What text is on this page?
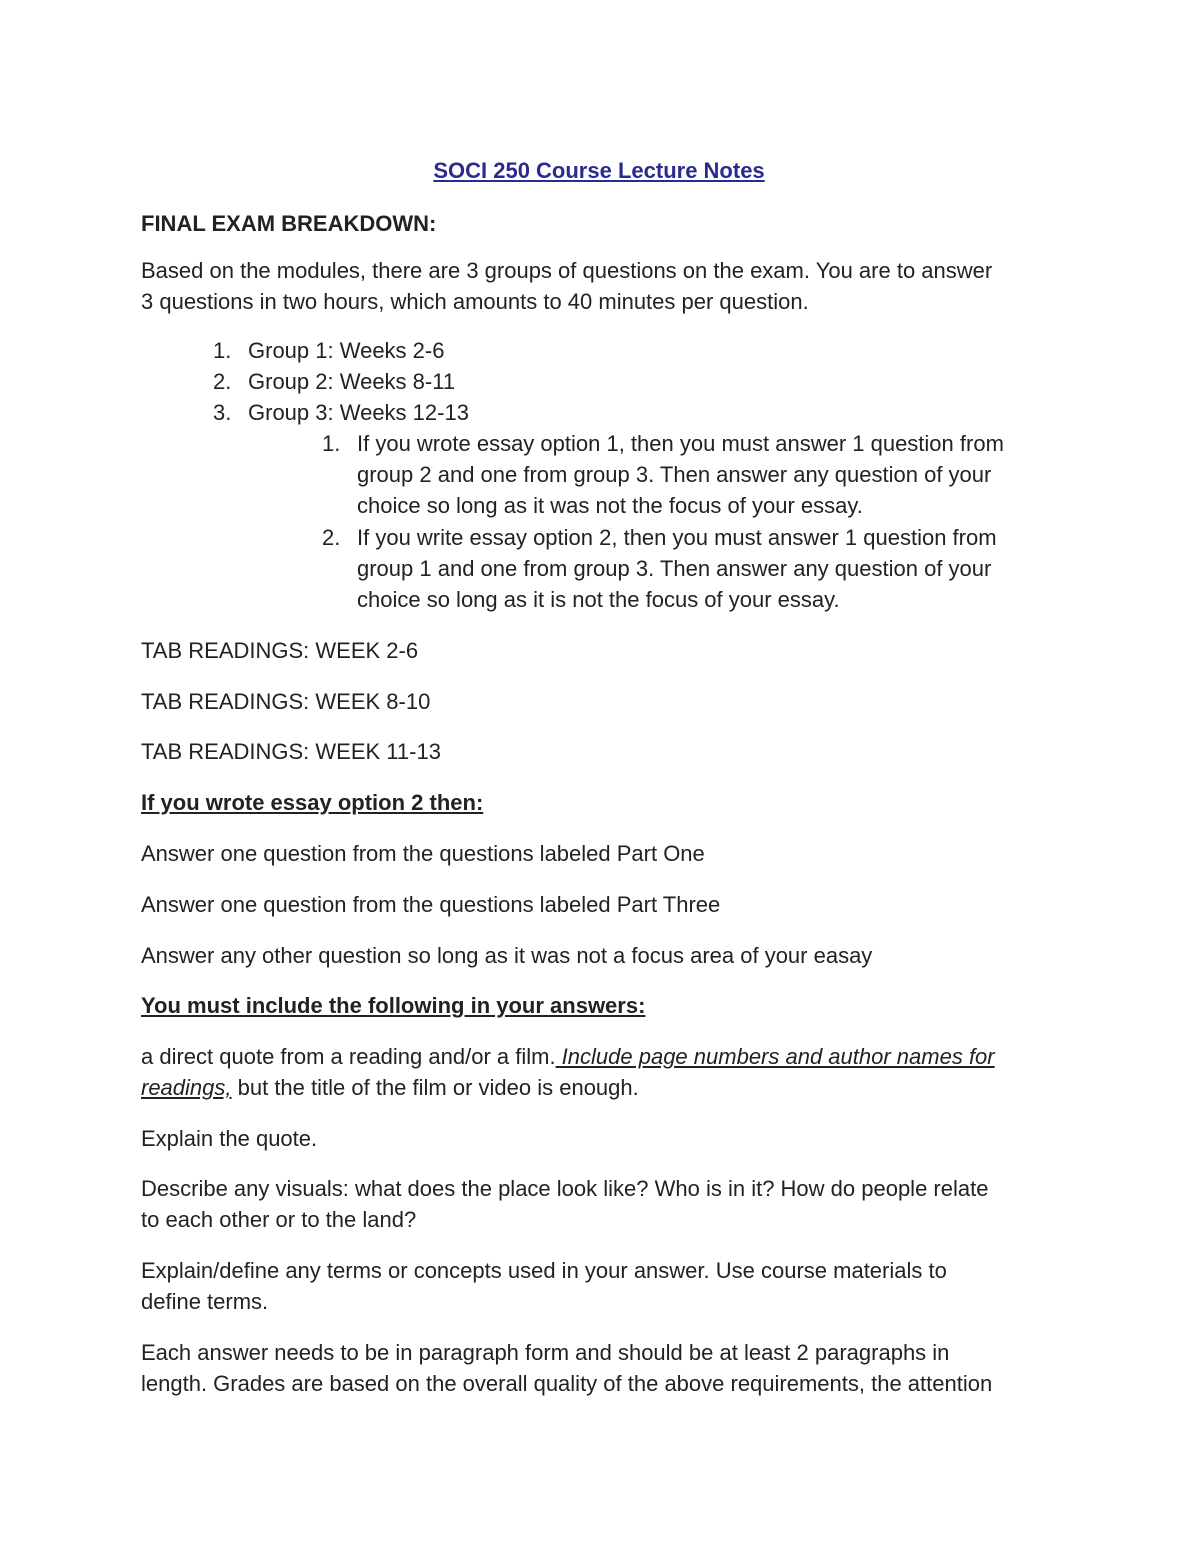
SOCI 250 Course Lecture Notes

FINAL EXAM BREAKDOWN:

Based on the modules, there are 3 groups of questions on the exam. You are to answer

3 questions in two hours, which amounts to 40 minutes per question.

1. Group 1: Weeks 2-6
2. Group 2: Weeks 8-11
3. Group 3: Weeks 12-13
1. If you wrote essay option 1, then you must answer 1 question from
group 2 and one from group 3. Then answer any question of your
choice so long as it was not the focus of your essay.
2. If you write essay option 2, then you must answer 1 question from
group 1 and one from group 3. Then answer any question of your
choice so long as it is not the focus of your essay.

TAB READINGS: WEEK 2-6

TAB READINGS: WEEK 8-10

TAB READINGS: WEEK 11-13

If you wrote essay option 2 then:

Answer one question from the questions labeled Part One

Answer one question from the questions labeled Part Three

Answer any other question so long as it was not a focus area of your easay

You must include the following in your answers:

a direct quote from a reading and/or a film. Include page numbers and author names for

readings, but the title of the film or video is enough.

Explain the quote.

Describe any visuals: what does the place look like? Who is in it? How do people relate

to each other or to the land?

Explain/define any terms or concepts used in your answer. Use course materials to

define terms.

Each answer needs to be in paragraph form and should be at least 2 paragraphs in

length. Grades are based on the overall quality of the above requirements, the attention
